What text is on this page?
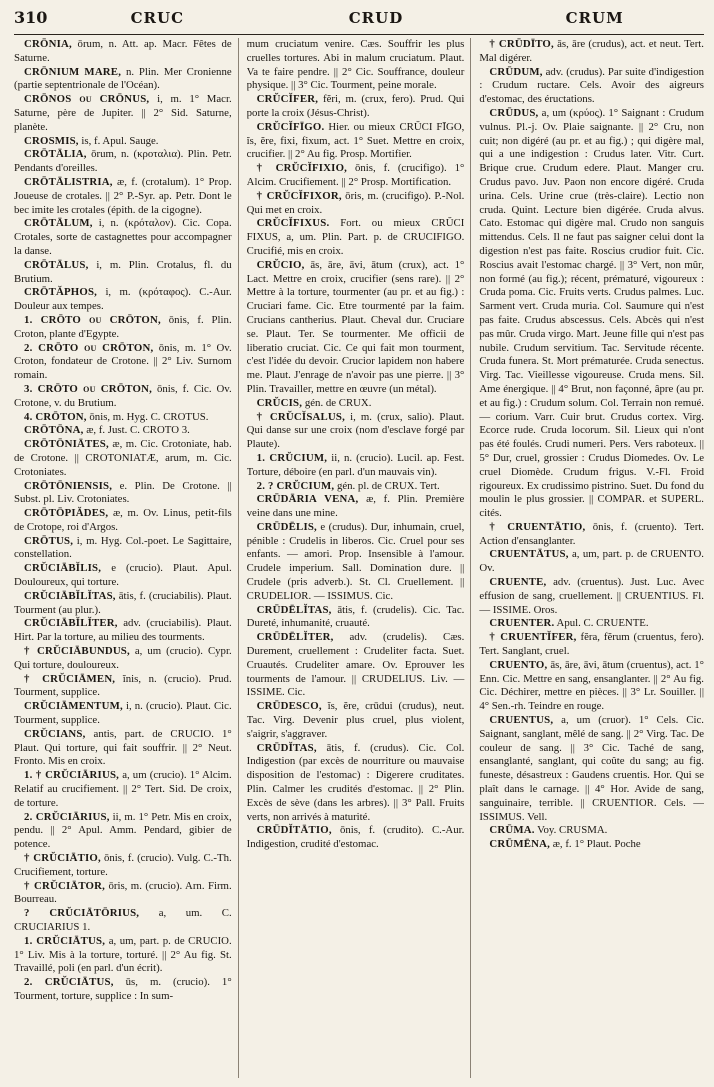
310	CRUC	CRUD	CRUM

CRŌNIA, ōrum, n. Att. ap. Macr. Fêtes de Saturne.

CRŌNIUM MARE, n. Plin. Mer Cronienne (partie septentrionale de l'Océan).

CRŌNOS ou CRŌNUS, i, m. 1° Macr. Saturne, père de Jupiter. || 2° Sid. Saturne, planète.

CROSMIS, is, f. Apul. Sauge.

CRŌTĀLIA, ōrum, n. (κροταλια). Plin. Petr. Pendants d'oreilles.

CRŌTĀLISTRIA, æ, f. (crotalum). 1° Prop. Joueuse de crotales. || 2° P.-Syr. ap. Petr. Dont le bec imite les crotales (épith. de la cigogne).

CRŌTĀLUM, i, n. (κρόταλον). Cic. Copa. Crotales, sorte de castagnettes pour accompagner la danse.

CRŌTĀLUS, i, m. Plin. Crotalus, fl. du Brutium.

CRŌTĂPHOS, i, m. (κρόταφος). C.-Aur. Douleur aux tempes.

1. CRŌTO ou CRŌTON, ōnis, f. Plin. Croton, plante d'Egypte.

2. CRŌTO ou CRŌTON, ōnis, m. 1° Ov. Croton, fondateur de Crotone. || 2° Liv. Surnom romain.

3. CRŌTO ou CRŌTON, ōnis, f. Cic. Ov. Crotone, v. du Brutium.

4. CRŌTON, ōnis, m. Hyg. C. CROTUS.

CRŌTŌNA, æ, f. Just. C. CROTO 3.

CRŌTŌNIĀTES, æ, m. Cic. Crotoniate, hab. de Crotone. || CROTONIATÆ, arum, m. Cic. Crotoniates.

CRŌTŌNIENSIS, e. Plin. De Crotone. || Subst. pl. Liv. Crotoniates.

CRŌTŌPIĂDES, æ, m. Ov. Linus, petit-fils de Crotope, roi d'Argos.

CRŌTUS, i, m. Hyg. Col.-poet. Le Sagittaire, constellation.

CRŬCIĀBĬLIS, e (crucio). Plaut. Apul. Douloureux, qui torture.

CRŬCIĀBĬLĬTAS, ātis, f. (cruciabilis). Plaut. Tourment (au plur.).

CRŬCIĀBĬLĬTER, adv. (cruciabilis). Plaut. Hirt. Par la torture, au milieu des tourments.

† CRŬCIĀBUNDUS, a, um (crucio). Cypr. Qui torture, douloureux.

† CRŬCIĀMEN, ĭnis, n. (crucio). Prud. Tourment, supplice.

CRŬCIĀMENTUM, i, n. (crucio). Plaut. Cic. Tourment, supplice.

CRŬCIANS, antis, part. de CRUCIO. 1° Plaut. Qui torture, qui fait souffrir. || 2° Neut. Fronto. Mis en croix.

1. † CRŬCIĀRIUS, a, um (crucio). 1° Alcim. Relatif au crucifiement. || 2° Tert. Sid. De croix, de torture.

2. CRŬCIĀRIUS, ii, m. 1° Petr. Mis en croix, pendu. || 2° Apul. Amm. Pendard, gibier de potence.

† CRŬCIĀTIO, ōnis, f. (crucio). Vulg. C.-Th. Crucifiement, torture.

† CRŬCIĀTOR, ōris, m. (crucio). Arn. Firm. Bourreau.

? CRŬCIĀTŌRIUS, a, um. C. CRUCIARIUS 1.

1. CRŬCIĀTUS, a, um, part. p. de CRUCIO. 1° Liv. Mis à la torture, torturé. || 2° Au fig. St. Travaillé, poli (en parl. d'un écrit).

2. CRŬCIĀTUS, ūs, m. (crucio). 1° Tourment, torture, supplice : In sum-

mum cruciatum venire. Cæs. Souffrir les plus cruelles tortures. Abi in malum cruciatum. Plaut. Va te faire pendre. || 2° Cic. Souffrance, douleur physique. || 3° Cic. Tourment, peine morale.

CRŬCĬFER, fĕri, m. (crux, fero). Prud. Qui porte la croix (Jésus-Christ).

CRŬCĬFĪGO. Hier. ou mieux CRŬCI FĪGO, ĭs, ĕre, fixi, fixum, act. 1° Suet. Mettre en croix, crucifier. || 2° Au fig. Prosp. Mortifier.

† CRŬCĬFIXIO, ōnis, f. (crucifigo). 1° Alcim. Crucifiement. || 2° Prosp. Mortification.

† CRŬCĬFIXOR, ōris, m. (crucifigo). P.-Nol. Qui met en croix.

CRŬCĬFIXUS. Fort. ou mieux CRŬCI FIXUS, a, um. Plin. Part. p. de CRUCIFIGO. Crucifié, mis en croix.

CRŬCIO, ās, āre, āvi, ātum (crux), act. 1° Lact. Mettre en croix, crucifier (sens rare). || 2° Mettre à la torture, tourmenter (au pr. et au fig.) : Cruciari fame. Cic. Etre tourmenté par la faim. Crucians cantherius. Plaut. Cheval dur. Cruciare se. Plaut. Ter. Se tourmenter. Me officii de liberatio cruciat. Cic. Ce qui fait mon tourment, c'est l'idée du devoir. Crucior lapidem non habere me. Plaut. J'enrage de n'avoir pas une pierre. || 3° Plin. Travailler, mettre en œuvre (un métal).

CRŬCIS, gén. de CRUX.

† CRŬCĬSALUS, i, m. (crux, salio). Plaut. Qui danse sur une croix (nom d'esclave forgé par Plaute).

1. CRŬCIUM, ii, n. (crucio). Lucil. ap. Fest. Torture, déboire (en parl. d'un mauvais vin).

2. ? CRŬCIUM, gén. pl. de CRUX. Tert.

CRŪDĀRIA VENA, æ, f. Plin. Première veine dans une mine.

CRŪDĒLIS, e (crudus). Dur, inhumain, cruel, pénible : Crudelis in liberos. Cic. Cruel pour ses enfants. — amori. Prop. Insensible à l'amour. Crudele imperium. Sall. Domination dure. || Crudele (pris adverb.). St. Cl. Cruellement. || CRUDELIOR. — ISSIMUS. Cic.

CRŪDĒLĬTAS, ātis, f. (crudelis). Cic. Tac. Dureté, inhumanité, cruauté.

CRŪDĒLĬTER, adv. (crudelis). Cæs. Durement, cruellement : Crudeliter facta. Suet. Cruautés. Crudeliter amare. Ov. Eprouver les tourments de l'amour. || CRUDELIUS. Liv. — ISSIME. Cic.

CRŪDESCO, ĭs, ĕre, crūdui (crudus), neut. Tac. Virg. Devenir plus cruel, plus violent, s'aigrir, s'aggraver.

CRŪDĬTAS, ātis, f. (crudus). Cic. Col. Indigestion (par excès de nourriture ou mauvaise disposition de l'estomac) : Digerere cruditates. Plin. Calmer les crudités d'estomac. || 2° Plin. Excès de sève (dans les arbres). || 3° Pall. Fruits verts, non arrivés à maturité.

CRŪDĬTĀTIO, ōnis, f. (crudito). C.-Aur. Indigestion, crudité d'estomac.

† CRŪDĪTO, ās, āre (crudus), act. et neut. Tert. Mal digérer.

CRŪDUM, adv. (crudus). Par suite d'indigestion : Crudum ructare. Cels. Avoir des aigreurs d'estomac, des éructations.

CRŪDUS, a, um (κρύος). 1° Saignant : Crudum vulnus. Pl.-j. Ov. Plaie saignante. || 2° Cru, non cuit; non digéré (au pr. et au fig.) ; qui digère mal, qui a une indigestion : Crudus later. Vitr. Curt. Brique crue. Crudum edere. Plaut. Manger cru. Crudus pavo. Juv. Paon non encore digéré. Cruda urina. Cels. Urine crue (très-claire). Lectio non cruda. Quint. Lecture bien digérée. Cruda alvus. Cato. Estomac qui digère mal. Crudo non sanguis mittendus. Cels. Il ne faut pas saigner celui dont la digestion n'est pas faite. Roscius crudior fuit. Cic. Roscius avait l'estomac chargé. || 3° Vert, non mûr, non formé (au fig.); récent, prématuré, vigoureux : Cruda poma. Cic. Fruits verts. Crudus palmes. Luc. Sarment vert. Cruda muria. Col. Saumure qui n'est pas faite. Crudus abscessus. Cels. Abcès qui n'est pas mûr. Cruda virgo. Mart. Jeune fille qui n'est pas nubile. Crudum servitium. Tac. Servitude récente. Cruda funera. St. Mort prématurée. Cruda senectus. Virg. Tac. Vieillesse vigoureuse. Cruda mens. Sil. Ame énergique. || 4° Brut, non façonné, âpre (au pr. et au fig.) : Crudum solum. Col. Terrain non remué. — corium. Varr. Cuir brut. Crudus cortex. Virg. Ecorce rude. Cruda locorum. Sil. Lieux qui n'ont pas été foulés. Crudi numeri. Pers. Vers raboteux. || 5° Dur, cruel, grossier : Crudus Diomedes. Ov. Le cruel Diomède. Crudum frigus. V.-Fl. Froid rigoureux. Ex crudissimo pistrino. Suet. Du fond du moulin le plus grossier. || COMPAR. et SUPERL. cités.

† CRUENTĀTIO, ōnis, f. (cruento). Tert. Action d'ensanglanter.

CRUENTĀTUS, a, um, part. p. de CRUENTO. Ov.

CRUENTE, adv. (cruentus). Just. Luc. Avec effusion de sang, cruellement. || CRUENTIUS. Fl. — ISSIME. Oros.

CRUENTER. Apul. C. CRUENTE.

† CRUENTĬFER, fĕra, fĕrum (cruentus, fero). Tert. Sanglant, cruel.

CRUENTO, ās, āre, āvi, ātum (cruentus), act. 1° Enn. Cic. Mettre en sang, ensanglanter. || 2° Au fig. Cic. Déchirer, mettre en pièces. || 3° Lr. Souiller. || 4° Sen.-rh. Teindre en rouge.

CRUENTUS, a, um (cruor). 1° Cels. Cic. Saignant, sanglant, mêlé de sang. || 2° Virg. Tac. De couleur de sang. || 3° Cic. Taché de sang, ensanglanté, sanglant, qui coûte du sang; au fig. funeste, désastreux : Gaudens cruentis. Hor. Qui se plaît dans le carnage. || 4° Hor. Avide de sang, sanguinaire, terrible. || CRUENTIOR. Cels. — ISSIMUS. Vell.

CRŪMA. Voy. CRUSMA.

CRŪMĒNA, æ, f. 1° Plaut. Poche
